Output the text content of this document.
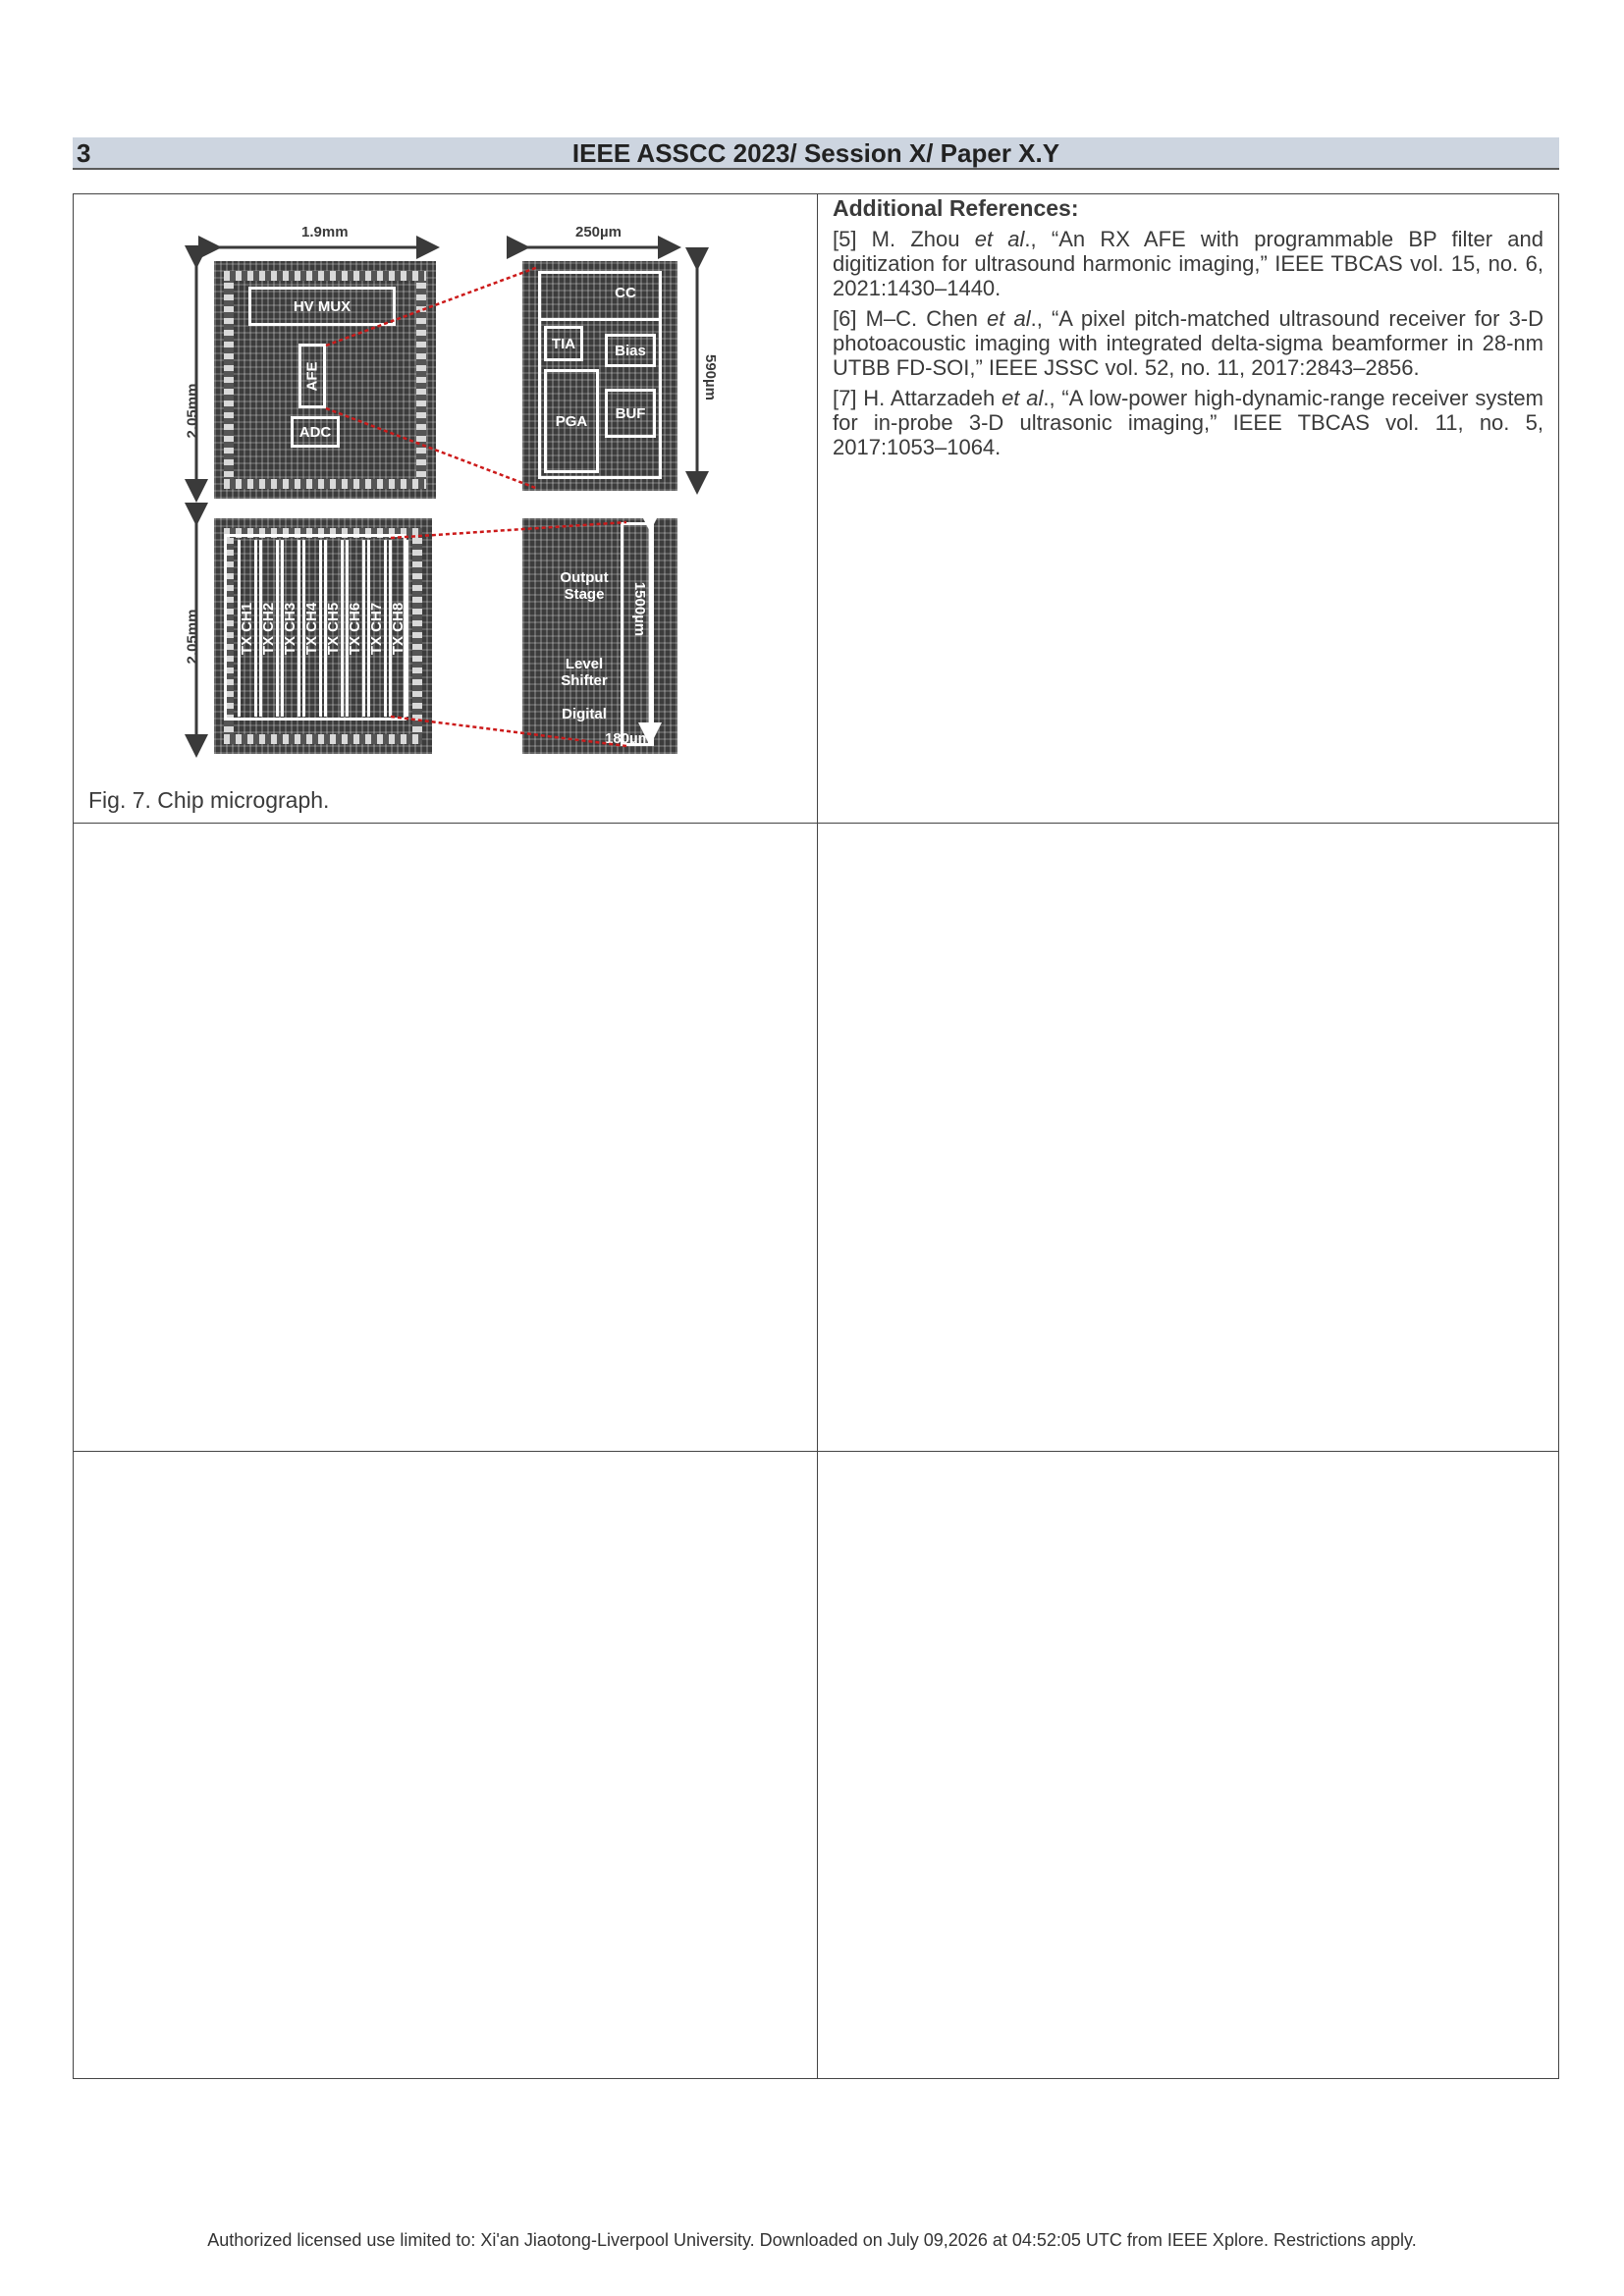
3	IEEE ASSCC 2023/ Session X/ Paper X.Y
1.9mm
2.05mm
HV MUX
AFE
ADC
250µm
590µm
CC
TIA	Bias
PGA BUF
2.05mm	TX CH1 TX CH2 TX CH3 TX CH4 TX CH5 TX CH6 TX CH7 TX CH8
Output Stage
Level Shifter
Digital
1500µm
180µm
Fig. 7. Chip micrograph.
Additional References:

[5] M. Zhou et al., “An RX AFE with programmable BP filter and digitization for ultrasound harmonic imaging,” IEEE TBCAS vol. 15, no. 6, 2021:1430–1440.

[6] M–C. Chen et al., “A pixel pitch-matched ultrasound receiver for 3-D photoacoustic imaging with integrated delta-sigma beamformer in 28-nm UTBB FD-SOI,” IEEE JSSC vol. 52, no. 11, 2017:2843–2856.

[7] H. Attarzadeh et al., “A low-power high-dynamic-range receiver system for in-probe 3-D ultrasonic imaging,” IEEE TBCAS vol. 11, no. 5, 2017:1053–1064.

Authorized licensed use limited to: Xi'an Jiaotong-Liverpool University. Downloaded on July 09,2026 at 04:52:05 UTC from IEEE Xplore. Restrictions apply.
